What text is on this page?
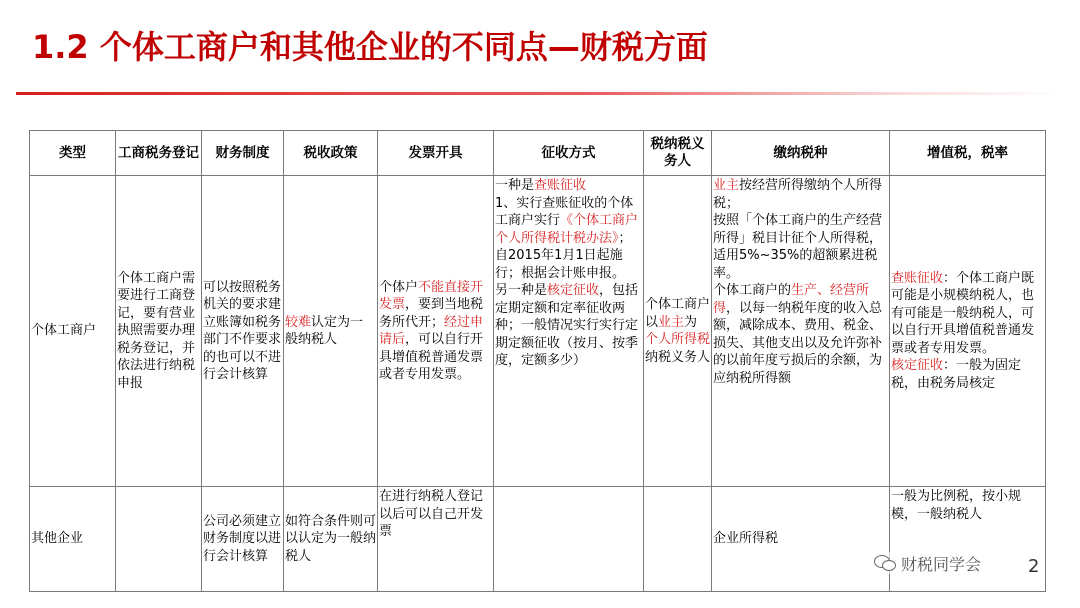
1.2 个体工商户和其他企业的不同点—财税方面
类型	工商税务登记	财务制度	税收政策	发票开具	征收方式	税纳税义务人	缴纳税种	增值税，税率
个体工商户	个体工商户需要进行工商登记，要有营业执照需要办理税务登记，并依法进行纳税申报	可以按照税务机关的要求建立账簿如税务部门不作要求的也可以不进行会计核算	较难认定为一般纳税人	个体户不能直接开发票，要到当地税务所代开；经过申请后，可以自行开具增值税普通发票或者专用发票。	一种是查账征收
1、实行查账征收的个体工商户实行《个体工商户个人所得税计税办法》；自2015年1月1日起施行；根据会计账申报。
另一种是核定征收，包括定期定额和定率征收两种；一般情况实行实行定期定额征收（按月、按季度，定额多少）	个体工商户以业主为个人所得税纳税义务人	业主按经营所得缴纳个人所得税；
按照「个体工商户的生产经营所得」税目计征个人所得税，适用5%~35%的超额累进税率。
个体工商户的生产、经营所得，以每一纳税年度的收入总额，减除成本、费用、税金、损失、其他支出以及允许弥补的以前年度亏损后的余额，为应纳税所得额	查账征收：个体工商户既可能是小规模纳税人，也有可能是一般纳税人，可以自行开具增值税普通发票或者专用发票。
核定征收：一般为固定税，由税务局核定
其他企业		公司必须建立财务制度以进行会计核算	如符合条件则可以认定为一般纳税人	在进行纳税人登记以后可以自己开发票			企业所得税	一般为比例税，按小规模，一般纳税人
财税同学会	2
